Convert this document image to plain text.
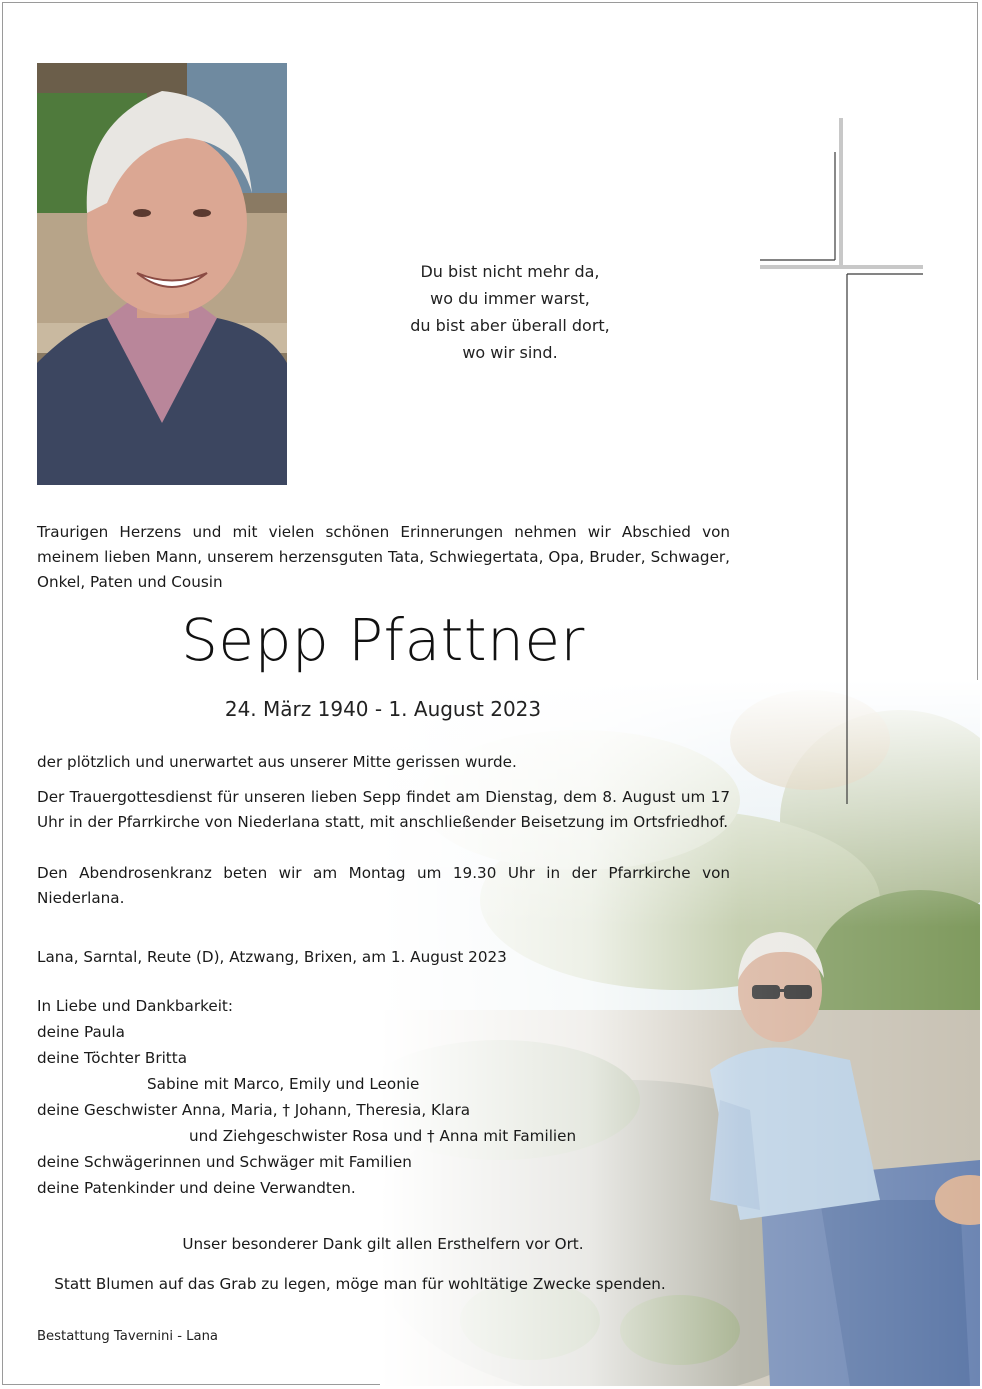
Du bist nicht mehr da,
wo du immer warst,
du bist aber überall dort,
wo wir sind.
Traurigen Herzens und mit vielen schönen Erinnerungen nehmen wir Abschied von meinem lieben Mann, unserem herzensguten Tata, Schwiegertata, Opa, Bruder, Schwager, Onkel, Paten und Cousin
Sepp Pfattner
24. März 1940 - 1. August 2023
der plötzlich und unerwartet aus unserer Mitte gerissen wurde.
Der Trauergottesdienst für unseren lieben Sepp findet am Dienstag, dem 8. August um 17 Uhr in der Pfarrkirche von Niederlana statt, mit anschließender Beisetzung im Ortsfriedhof.
Den Abendrosenkranz beten wir am Montag um 19.30 Uhr in der Pfarrkirche von Niederlana.
Lana, Sarntal, Reute (D), Atzwang, Brixen, am 1. August 2023
In Liebe und Dankbarkeit:
deine Paula
deine Töchter Britta
Sabine mit Marco, Emily und Leonie
deine Geschwister Anna, Maria, † Johann, Theresia, Klara
und Ziehgeschwister Rosa und † Anna mit Familien
deine Schwägerinnen und Schwäger mit Familien
deine Patenkinder und deine Verwandten.
Unser besonderer Dank gilt allen Ersthelfern vor Ort.
Statt Blumen auf das Grab zu legen, möge man für wohltätige Zwecke spenden.
Bestattung Tavernini - Lana
